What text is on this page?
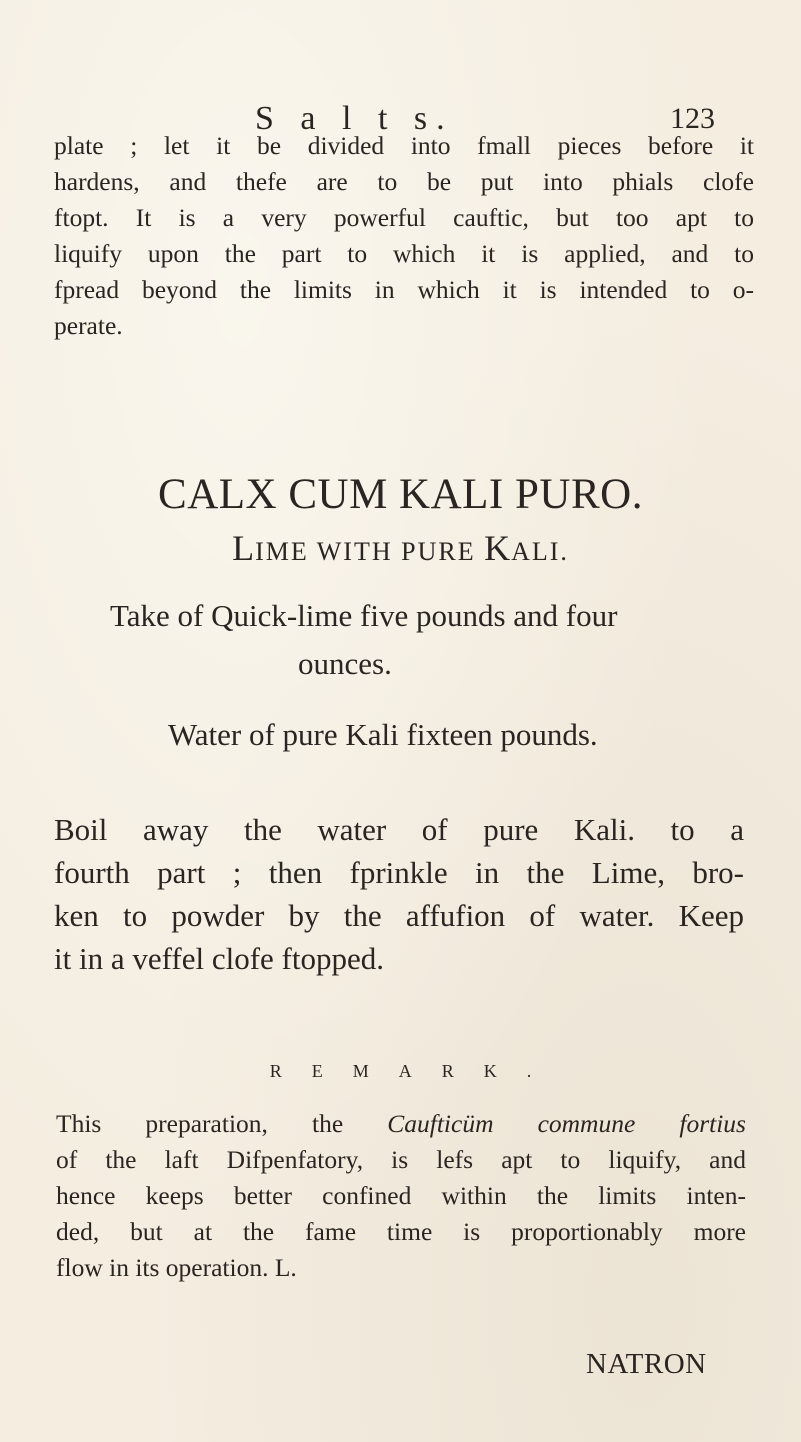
S a l t s.	123
plate ; let it be divided into fmall pieces before it
hardens, and thefe are to be put into phials clofe
ftopt. It is a very powerful cauftic, but too apt to
liquify upon the part to which it is applied, and to
fpread beyond the limits in which it is intended to o-
perate.
CALX CUM KALI PURO.
LIME WITH PURE KALI.
Take of Quick-lime five pounds and four
ounces.
Water of pure Kali fixteen pounds.
Boil away the water of pure Kali. to a
fourth part ; then fprinkle in the Lime, bro-
ken to powder by the affufion of water. Keep
it in a veffel clofe ftopped.
REMARK.
This preparation, the Caufticüm commune fortius
of the laft Difpenfatory, is lefs apt to liquify, and
hence keeps better confined within the limits inten-
ded, but at the fame time is proportionably more
flow in its operation. L.
NATRON
